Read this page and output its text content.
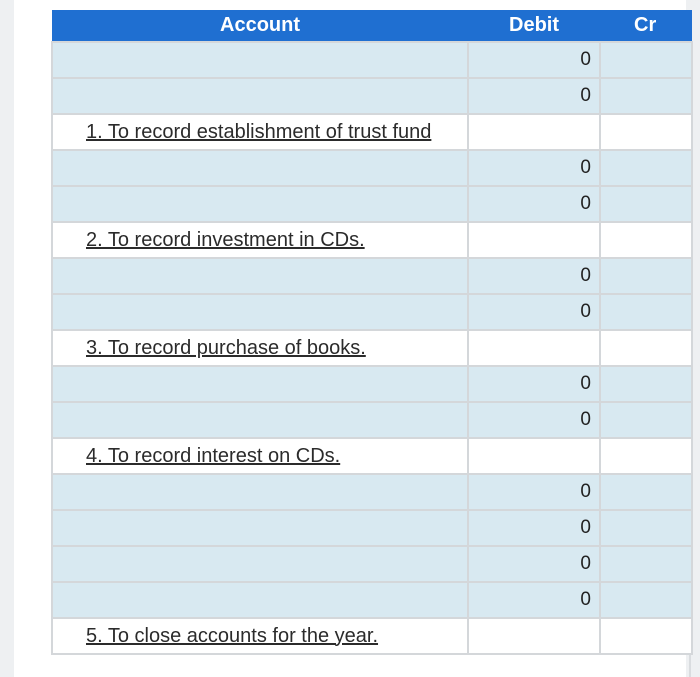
Account	Debit	Cr
	0	
	0	
1. To record establishment of trust fund		
	0	
	0	
2. To record investment in CDs.		
	0	
	0	
3. To record purchase of books.		
	0	
	0	
4. To record interest on CDs.		
	0	
	0	
	0	
	0	
5. To close accounts for the year.		
